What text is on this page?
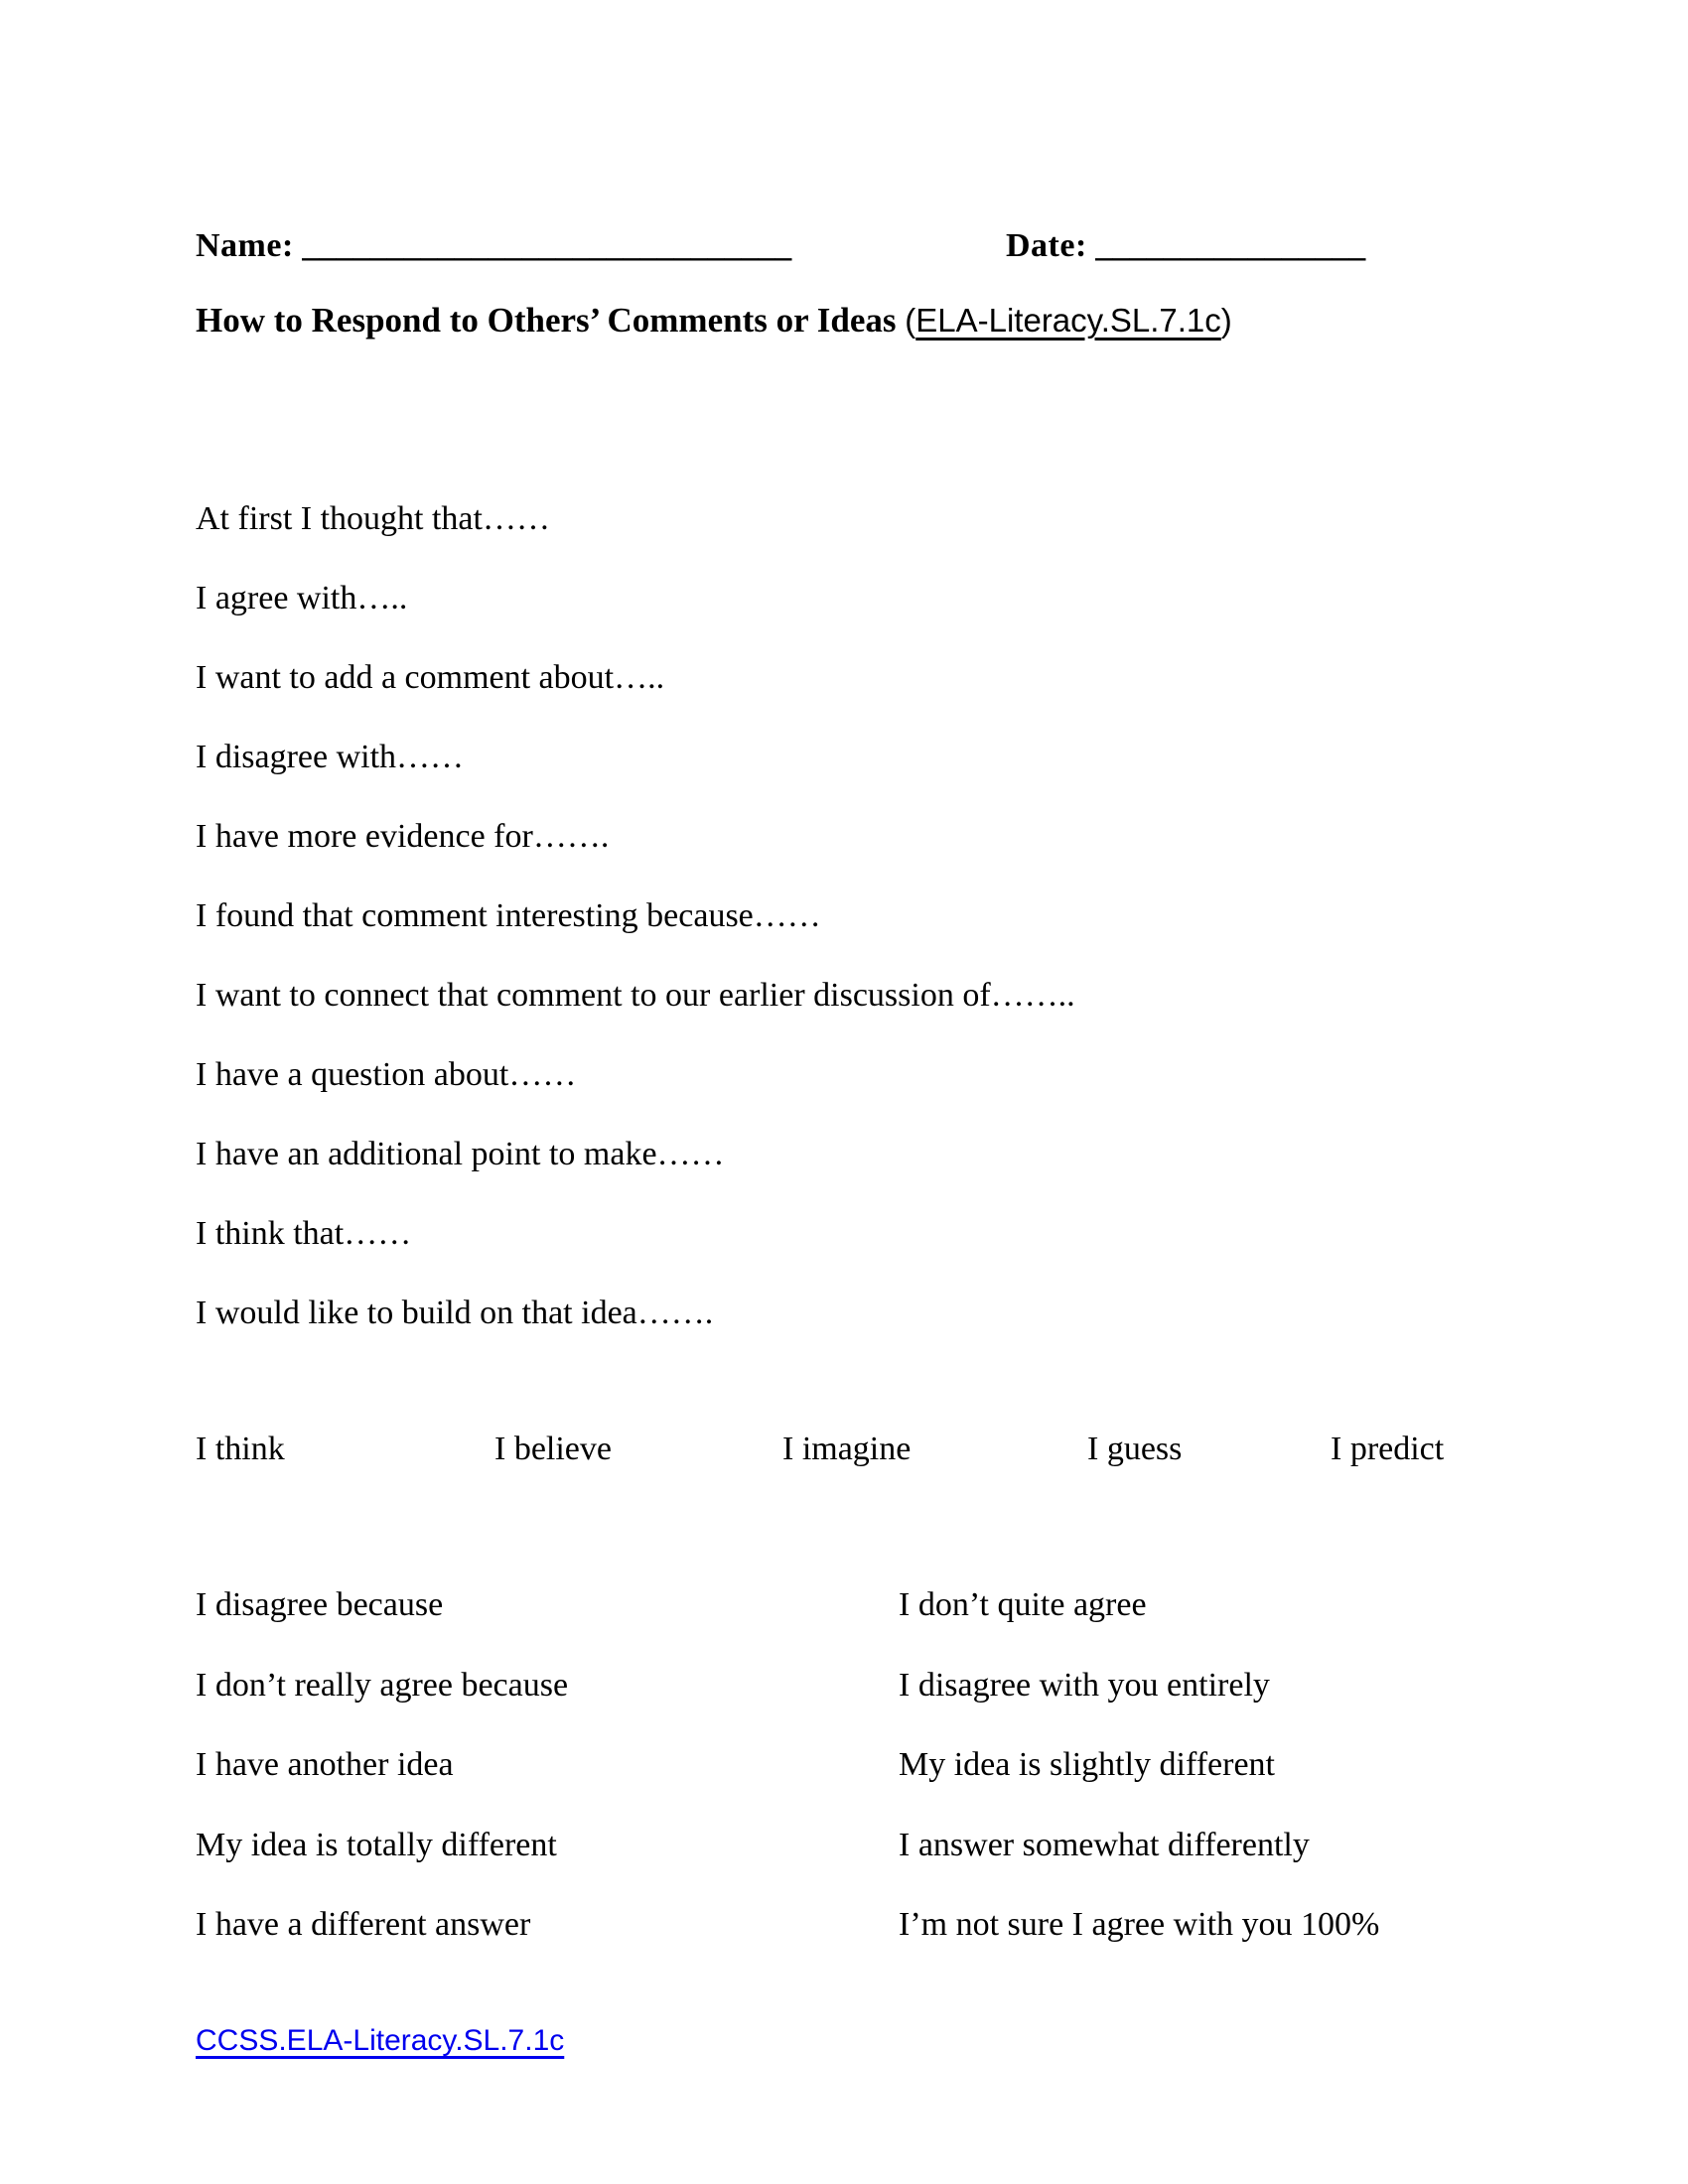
Name: _____________________________	Date: ________________
How to Respond to Others’ Comments or Ideas (ELA-Literacy.SL.7.1c)

At first I thought that……

I agree with…..

I want to add a comment about…..

I disagree with……

I have more evidence for…….

I found that comment interesting because……

I want to connect that comment to our earlier discussion of……..

I have a question about……

I have an additional point to make……

I think that……

I would like to build on that idea…….

I think	I believe	I imagine	I guess	I predict
I disagree because	I don’t quite agree
I don’t really agree because	I disagree with you entirely
I have another idea	My idea is slightly different
My idea is totally different	I answer somewhat differently
I have a different answer	I’m not sure I agree with you 100%
CCSS.ELA-Literacy.SL.7.1c
